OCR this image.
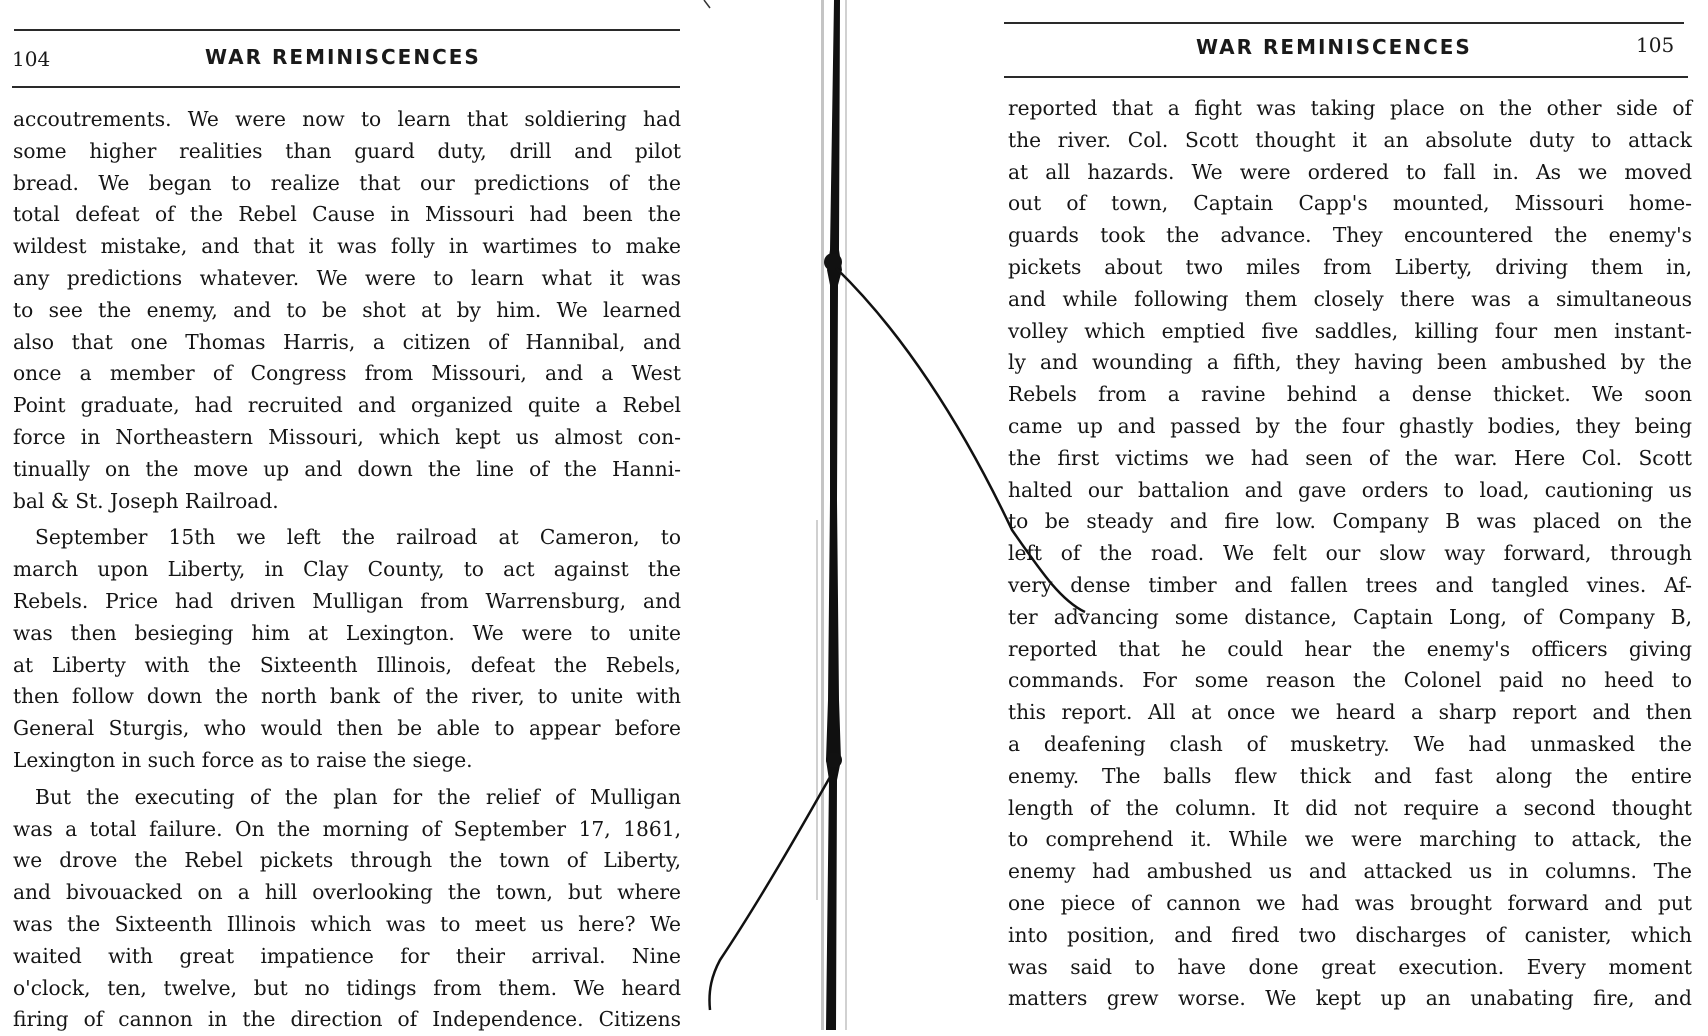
104	WAR REMINISCENCES
accoutrements. We were now to learn that soldiering had
some higher realities than guard duty, drill and pilot
bread. We began to realize that our predictions of the
total defeat of the Rebel Cause in Missouri had been the
wildest mistake, and that it was folly in wartimes to make
any predictions whatever. We were to learn what it was
to see the enemy, and to be shot at by him. We learned
also that one Thomas Harris, a citizen of Hannibal, and
once a member of Congress from Missouri, and a West
Point graduate, had recruited and organized quite a Rebel
force in Northeastern Missouri, which kept us almost con-
tinually on the move up and down the line of the Hanni-
bal & St. Joseph Railroad.
September 15th we left the railroad at Cameron, to
march upon Liberty, in Clay County, to act against the
Rebels. Price had driven Mulligan from Warrensburg, and
was then besieging him at Lexington. We were to unite
at Liberty with the Sixteenth Illinois, defeat the Rebels,
then follow down the north bank of the river, to unite with
General Sturgis, who would then be able to appear before
Lexington in such force as to raise the siege.
But the executing of the plan for the relief of Mulligan
was a total failure. On the morning of September 17, 1861,
we drove the Rebel pickets through the town of Liberty,
and bivouacked on a hill overlooking the town, but where
was the Sixteenth Illinois which was to meet us here? We
waited with great impatience for their arrival. Nine
o'clock, ten, twelve, but no tidings from them. We heard
firing of cannon in the direction of Independence. Citizens
WAR REMINISCENCES	105
reported that a fight was taking place on the other side of
the river. Col. Scott thought it an absolute duty to attack
at all hazards. We were ordered to fall in. As we moved
out of town, Captain Capp's mounted, Missouri home-
guards took the advance. They encountered the enemy's
pickets about two miles from Liberty, driving them in,
and while following them closely there was a simultaneous
volley which emptied five saddles, killing four men instant-
ly and wounding a fifth, they having been ambushed by the
Rebels from a ravine behind a dense thicket. We soon
came up and passed by the four ghastly bodies, they being
the first victims we had seen of the war. Here Col. Scott
halted our battalion and gave orders to load, cautioning us
to be steady and fire low. Company B was placed on the
left of the road. We felt our slow way forward, through
very dense timber and fallen trees and tangled vines. Af-
ter advancing some distance, Captain Long, of Company B,
reported that he could hear the enemy's officers giving
commands. For some reason the Colonel paid no heed to
this report. All at once we heard a sharp report and then
a deafening clash of musketry. We had unmasked the
enemy. The balls flew thick and fast along the entire
length of the column. It did not require a second thought
to comprehend it. While we were marching to attack, the
enemy had ambushed us and attacked us in columns. The
one piece of cannon we had was brought forward and put
into position, and fired two discharges of canister, which
was said to have done great execution. Every moment
matters grew worse. We kept up an unabating fire, and
